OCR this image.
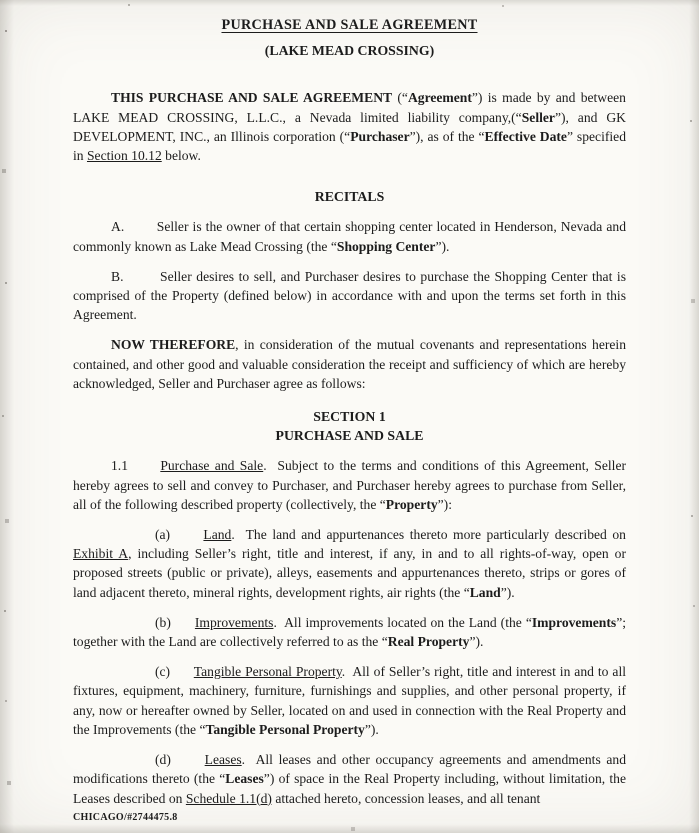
PURCHASE AND SALE AGREEMENT
(LAKE MEAD CROSSING)

THIS PURCHASE AND SALE AGREEMENT (“Agreement”) is made by and between LAKE MEAD CROSSING, L.L.C., a Nevada limited liability company,(“Seller”), and GK DEVELOPMENT, INC., an Illinois corporation (“Purchaser”), as of the “Effective Date” specified in Section 10.12 below.

RECITALS

A.        Seller is the owner of that certain shopping center located in Henderson, Nevada and commonly known as Lake Mead Crossing (the “Shopping Center”).

B.        Seller desires to sell, and Purchaser desires to purchase the Shopping Center that is comprised of the Property (defined below) in accordance with and upon the terms set forth in this Agreement.

NOW THEREFORE, in consideration of the mutual covenants and representations herein contained, and other good and valuable consideration the receipt and sufficiency of which are hereby acknowledged, Seller and Purchaser agree as follows:

SECTION 1
PURCHASE AND SALE

1.1      Purchase and Sale.  Subject to the terms and conditions of this Agreement, Seller hereby agrees to sell and convey to Purchaser, and Purchaser hereby agrees to purchase from Seller, all of the following described property (collectively, the “Property”):

(a)      Land.  The land and appurtenances thereto more particularly described on Exhibit A, including Seller’s right, title and interest, if any, in and to all rights-of-way, open or proposed streets (public or private), alleys, easements and appurtenances thereto, strips or gores of land adjacent thereto, mineral rights, development rights, air rights (the “Land”).

(b)      Improvements.  All improvements located on the Land (the “Improvements”; together with the Land are collectively referred to as the “Real Property”).

(c)      Tangible Personal Property.  All of Seller’s right, title and interest in and to all fixtures, equipment, machinery, furniture, furnishings and supplies, and other personal property, if any, now or hereafter owned by Seller, located on and used in connection with the Real Property and the Improvements (the “Tangible Personal Property”).

(d)      Leases.  All leases and other occupancy agreements and amendments and modifications thereto (the “Leases”) of space in the Real Property including, without limitation, the Leases described on Schedule 1.1(d) attached hereto, concession leases, and all tenant

CHICAGO/#2744475.8
